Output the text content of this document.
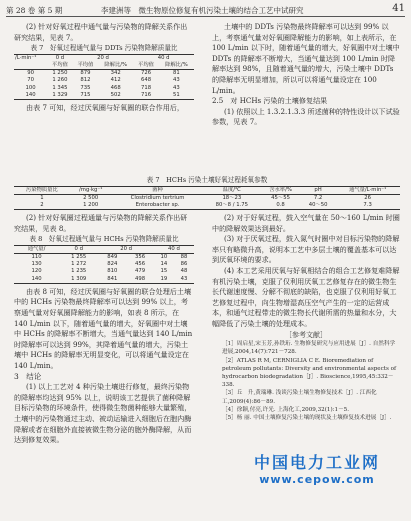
第 28 卷 第 5 期	李建洲等　微生物原位修复有机污染土壤的结合工艺中试研究	41

(2) 针对好氧过程中通气量与污染物的降解关系作出研究结果，见表 7。

表 7　好氧过程通气量与 DDTs 污染物降解质量比

/L·min⁻¹	0 d	20 d		40 d	
	平均值	平均值	降解比/%	平均值	降解比/%
90	1 250	879	342	726	81
70	1 260	812	412	648	43
100	1 345	735	468	718	43
140	1 329	715	502	716	51

由表 7 可知，经过厌氧圈与好氧圈的联合作用后，

土壤中的 DDTs 污染物最终降解率可以达到 99% 以上，考察通气量对好氧圈降解能力的影响，如上表所示，在 100 L/min 以下时，随着通气量的增大，好氧圈中对土壤中 DDTs 的降解率不断增大，当通气量达到 100 L/min 时降解率达到 98%，且随着通气量的增大，污染土壤中 DDTs 的降解率无明显增加，所以可以将通气量设定在 100 L/min。

2.5　对 HCHs 污染的土壤修复结果

(1) 依照以上 1.3.2.1.3.3 所述菌种的特性设计以下试验参数，见表 7。

表 7　HCHs 污染土壤好氧过程耗氧参数

污染物质量比	/mg·kg⁻¹	菌种	温度/℃	含水率/%	pH	通气量/L·min⁻¹
1	2 500	Clostridium tertrium	18～23	45～55	7.2	26
2	1 200	Enterobacter sp.	80～8 / 1.75	0.8	40～50	7.3

(2) 针对好氧圈过程通量与污染物的降解关系作出研究结果，见表 8。

表 8　好氧过程通气量与 HCHs 污染物降解质量比

通气量/	0 d	20 d		40 d	
110	1 255	849	356	10	88
130	1 272	824	456	14	86
120	1 235	810	479	15	48
140	1 309	841	498	19	43

由表 8 可知，经过厌氧圈与好氧圈的联合处理后土壤中的 HCHs 污染物最终降解率可以达到 99% 以上，考察通气量对好氧圈降解能力的影响，如表 8 所示，在 140 L/min 以下，随着通气量的增大，好氧圈中对土壤中 HCHs 的降解率不断增大，当通气量达到 140 L/min 时降解率可以达到 99%，其降着通气量的增大，污染土壤中 HCHs 的降解率无明显变化，可以将通气量设定在 140 L/min。

3　结论

(1) 以上工艺对 4 种污染土壤进行修复，最终污染物的降解率均达到 95% 以上，说明该工艺提供了菌种降解目标污染物的环境条件，使得微生物菌种能够大量繁殖，土壤中的污染物通过主动、被动运输进入细胞后在胞内酶降解或者在细胞外直接被微生物分泌的胞外酶降解，从而达到修复效果。

(2) 对于好氧过程，鼓入空气量在 50～160 L/min 时圈中的降解效果达到最好。

(3) 对于厌氧过程，鼓入氮气时圈中对目标污染物的降解率只有略微升高，说明本工艺中多层土壤的覆盖基本可以达到厌氧环境的要求。

(4) 本工艺采用厌氧与好氧相结合的组合工艺修复难降解有机污染土壤，克服了仅利用厌氧工艺修复存在的微生物生长代谢速度慢、分解不彻底的缺陷，也克服了仅利用好氧工艺修复过程中，向生物增湿高压空气产生的一定的运营成本，和通气过程带走的微生物长代谢所需的热量和水分，大幅降低了污染土壤的处理成本。

［参考文献］

［1］周启星,宋玉芳,孙铁珩. 生物修复研究与应用进展［J］. 自然科学进展,2004,14(7):721－728.

［2］ATLAS R M, CERNIGLIA C E. Bioremediation of petroleum pollutants: Diversity and environmental aspects of hydrocarbon biodegradation［J］. Bioscience,1995,45:332－338.

［3］丘　升,黄瑞琳. 浅谈污染土壤生物修复技术［J］. 江西化工,2009(4):86－89.

［4］徐颖,付亮,许光. 上海化工,2009,32(1):1－5.

［5］杨 丽. 中国土壤修复污染土壤的现状及土壤修复技术进展［J］.

中国电力工业网
www.cepow.com
